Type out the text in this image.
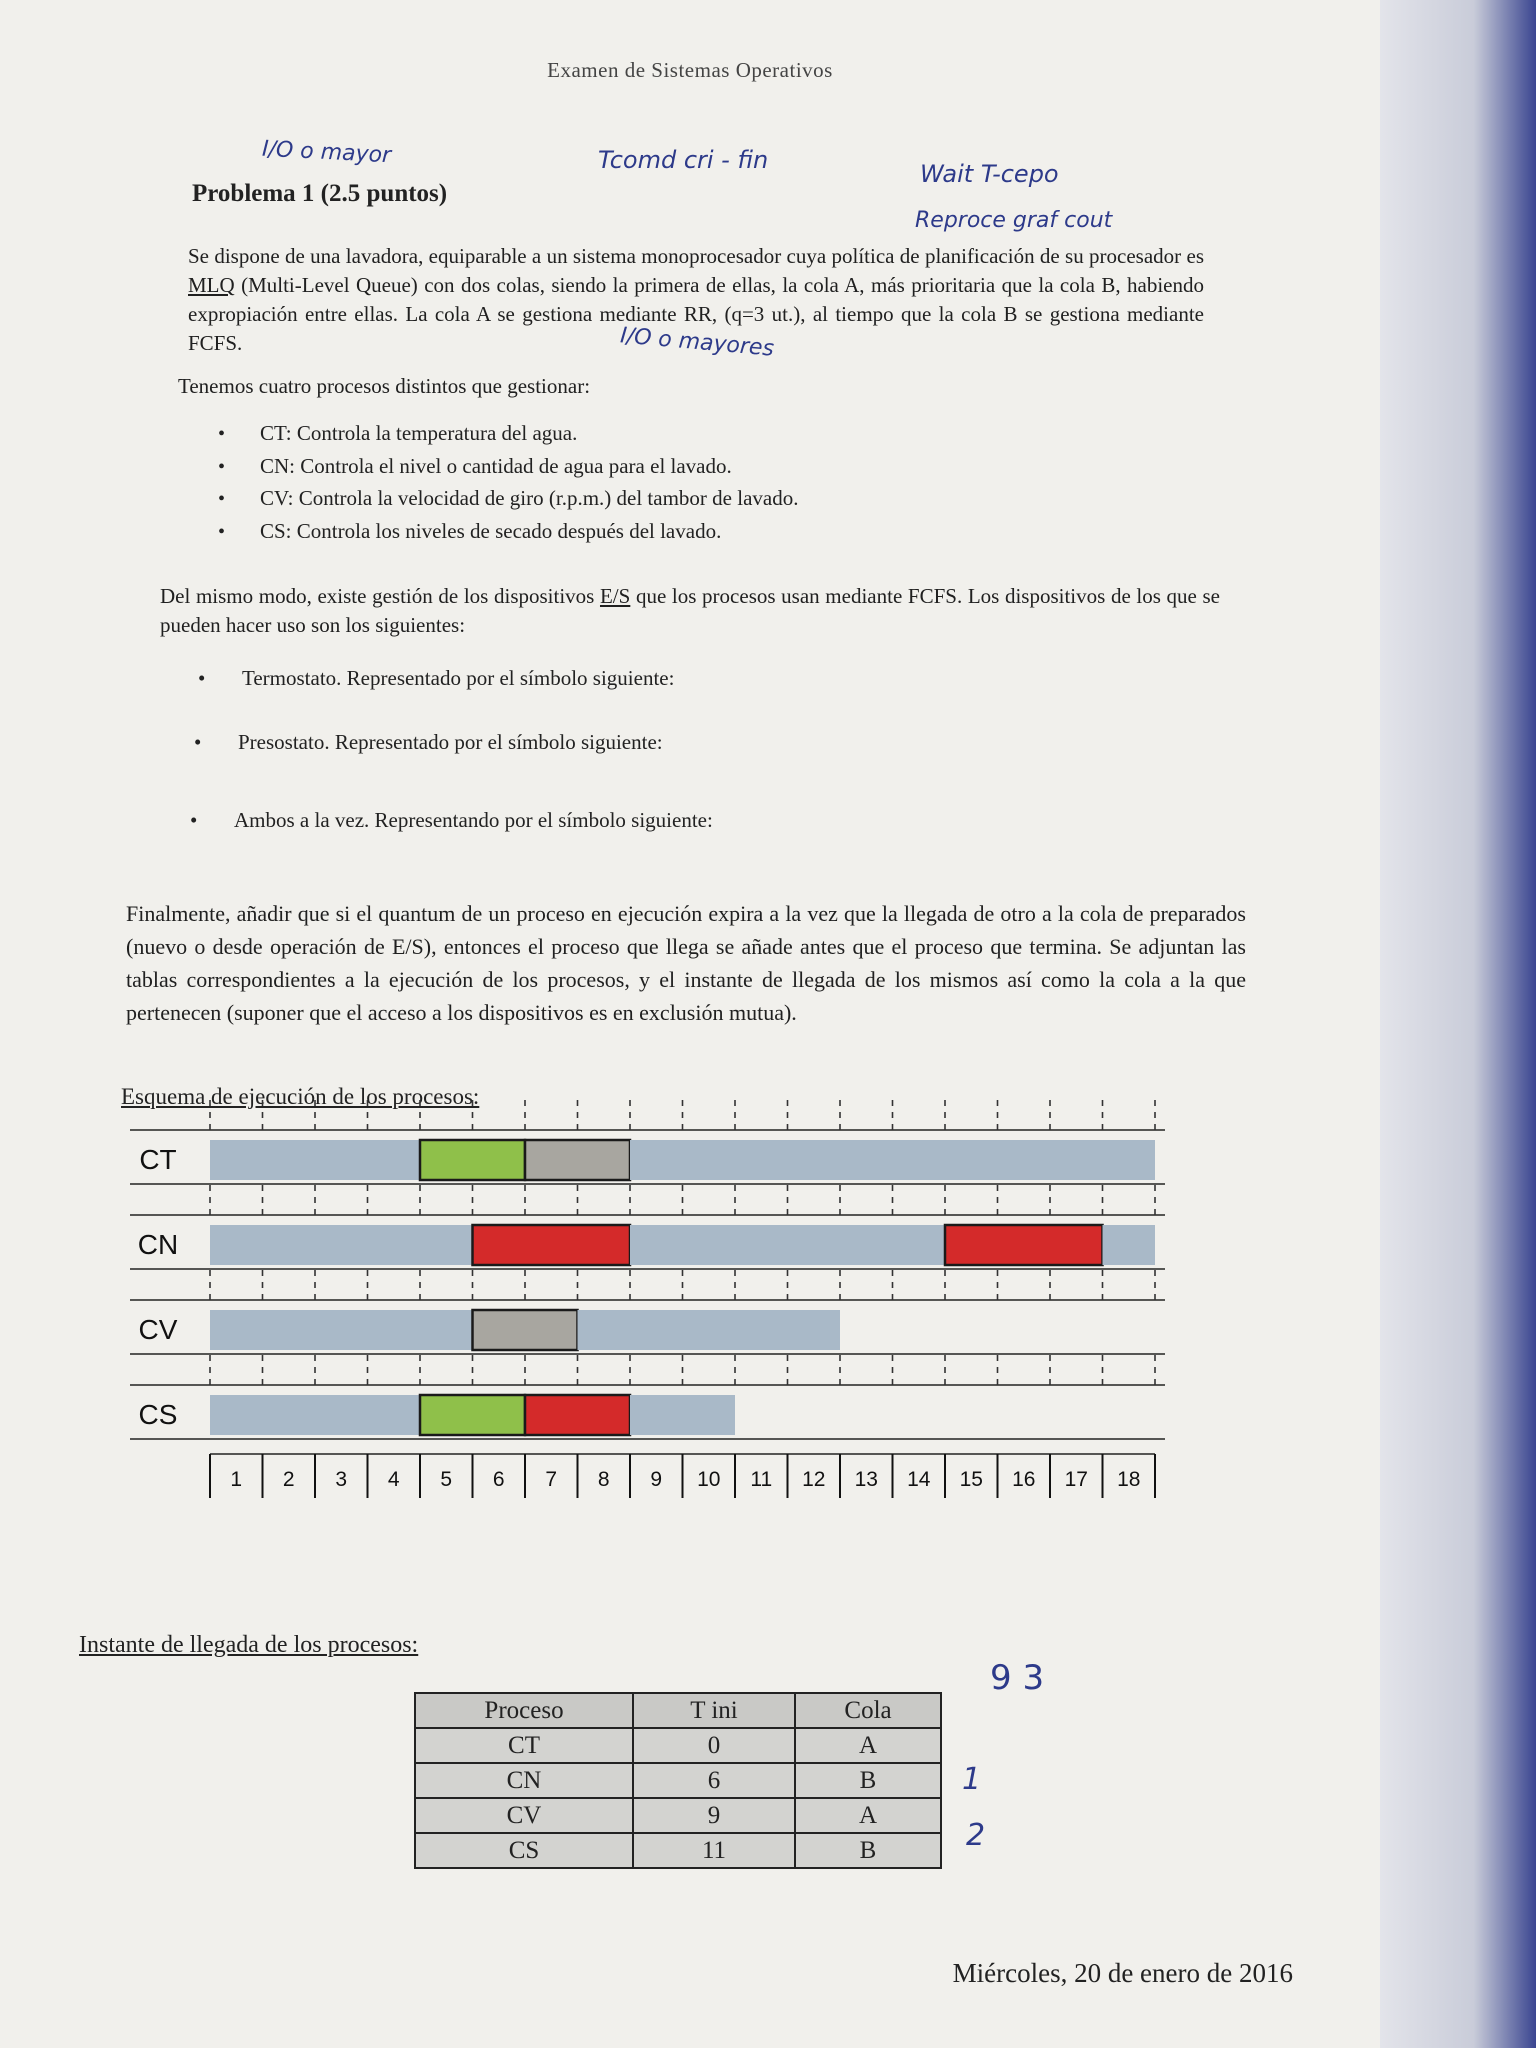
Examen de Sistemas Operativos
I/O o mayor	Tcomd cri - fin	Wait T-cepo
Reproce graf cout
Problema 1 (2.5 puntos)
Se dispone de una lavadora, equiparable a un sistema monoprocesador cuya política de planificación de su procesador es MLQ (Multi-Level Queue) con dos colas, siendo la primera de ellas, la cola A, más prioritaria que la cola B, habiendo expropiación entre ellas. La cola A se gestiona mediante RR, (q=3 ut.), al tiempo que la cola B se gestiona mediante FCFS.	I/O o mayores
Tenemos cuatro procesos distintos que gestionar:
• CT: Controla la temperatura del agua.
• CN: Controla el nivel o cantidad de agua para el lavado.
• CV: Controla la velocidad de giro (r.p.m.) del tambor de lavado.
• CS: Controla los niveles de secado después del lavado.
Del mismo modo, existe gestión de los dispositivos E/S que los procesos usan mediante FCFS. Los dispositivos de los que se pueden hacer uso son los siguientes:
• Termostato. Representado por el símbolo siguiente:
• Presostato. Representado por el símbolo siguiente:
• Ambos a la vez. Representando por el símbolo siguiente:
Finalmente, añadir que si el quantum de un proceso en ejecución expira a la vez que la llegada de otro a la cola de preparados (nuevo o desde operación de E/S), entonces el proceso que llega se añade antes que el proceso que termina. Se adjuntan las tablas correspondientes a la ejecución de los procesos, y el instante de llegada de los mismos así como la cola a la que pertenecen (suponer que el acceso a los dispositivos es en exclusión mutua).
Esquema de ejecución de los procesos:
CT
CN
CV
CS
1 2 3 4 5 6 7 8 9 10 11 12 13 14 15 16 17 18
Instante de llegada de los procesos:
Proceso	T ini	Cola
CT	0	A
CN	6	B
CV	9	A
CS	11	B
9 3
1
2
Miércoles, 20 de enero de 2016
